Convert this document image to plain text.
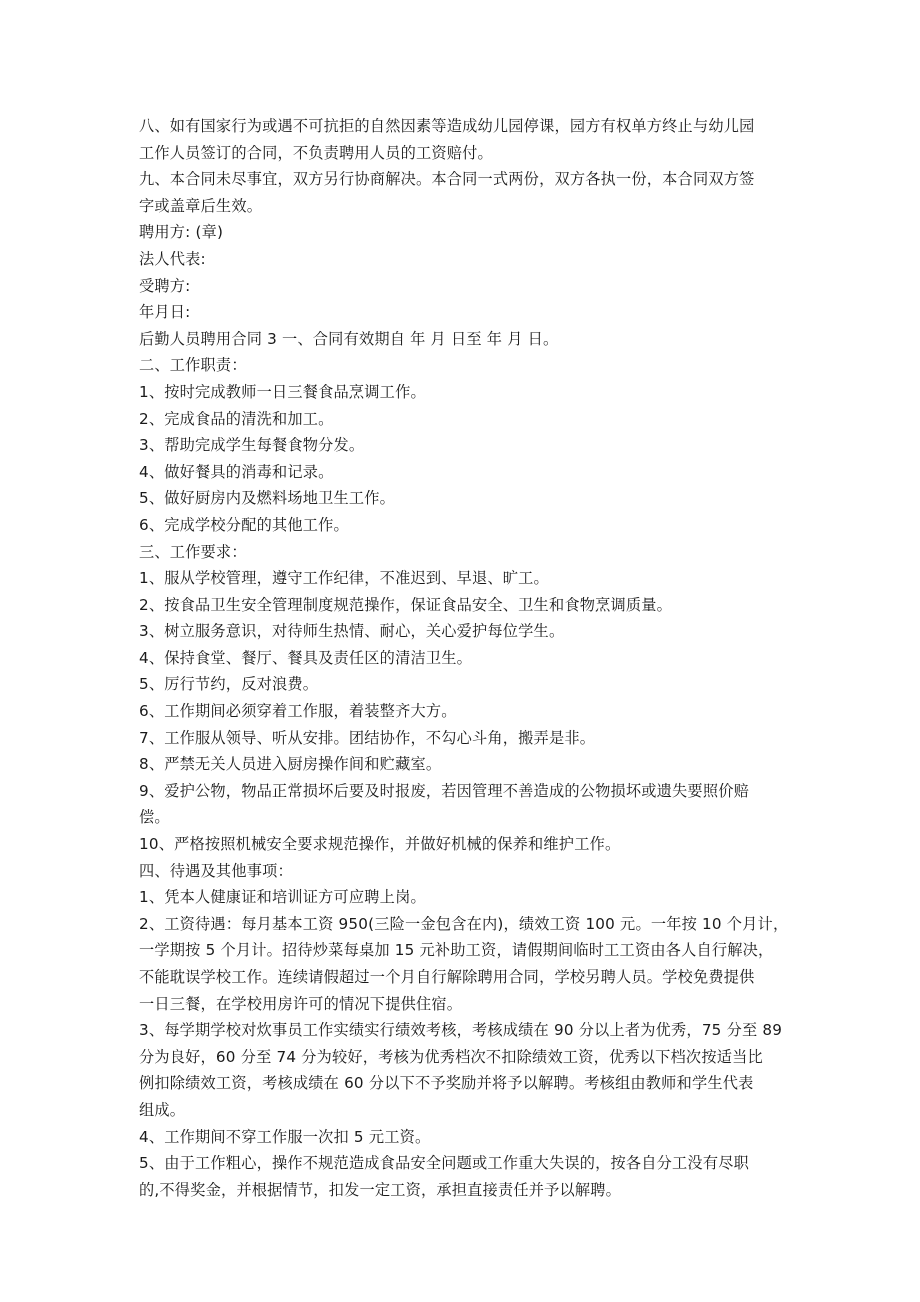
八、如有国家行为或遇不可抗拒的自然因素等造成幼儿园停课，园方有权单方终止与幼儿园
工作人员签订的合同，不负责聘用人员的工资赔付。
九、本合同未尽事宜，双方另行协商解决。本合同一式两份，双方各执一份，本合同双方签
字或盖章后生效。
聘用方: (章)
法人代表:
受聘方:
年月日:
后勤人员聘用合同 3 一、合同有效期自 年 月 日至 年 月 日。
二、工作职责：
1、按时完成教师一日三餐食品烹调工作。
2、完成食品的清洗和加工。
3、帮助完成学生每餐食物分发。
4、做好餐具的消毒和记录。
5、做好厨房内及燃料场地卫生工作。
6、完成学校分配的其他工作。
三、工作要求：
1、服从学校管理，遵守工作纪律，不准迟到、早退、旷工。
2、按食品卫生安全管理制度规范操作，保证食品安全、卫生和食物烹调质量。
3、树立服务意识，对待师生热情、耐心，关心爱护每位学生。
4、保持食堂、餐厅、餐具及责任区的清洁卫生。
5、厉行节约，反对浪费。
6、工作期间必须穿着工作服，着装整齐大方。
7、工作服从领导、听从安排。团结协作，不勾心斗角，搬弄是非。
8、严禁无关人员进入厨房操作间和贮藏室。
9、爱护公物，物品正常损坏后要及时报废，若因管理不善造成的公物损坏或遗失要照价赔
偿。
10、严格按照机械安全要求规范操作，并做好机械的保养和维护工作。
四、待遇及其他事项：
1、凭本人健康证和培训证方可应聘上岗。
2、工资待遇：每月基本工资 950(三险一金包含在内)，绩效工资 100 元。一年按 10 个月计，
一学期按 5 个月计。招待炒菜每桌加 15 元补助工资，请假期间临时工工资由各人自行解决，
不能耽误学校工作。连续请假超过一个月自行解除聘用合同，学校另聘人员。学校免费提供
一日三餐，在学校用房许可的情况下提供住宿。
3、每学期学校对炊事员工作实绩实行绩效考核，考核成绩在 90 分以上者为优秀，75 分至 89
分为良好，60 分至 74 分为较好，考核为优秀档次不扣除绩效工资，优秀以下档次按适当比
例扣除绩效工资，考核成绩在 60 分以下不予奖励并将予以解聘。考核组由教师和学生代表
组成。
4、工作期间不穿工作服一次扣 5 元工资。
5、由于工作粗心，操作不规范造成食品安全问题或工作重大失误的，按各自分工没有尽职
的,不得奖金，并根据情节，扣发一定工资，承担直接责任并予以解聘。
